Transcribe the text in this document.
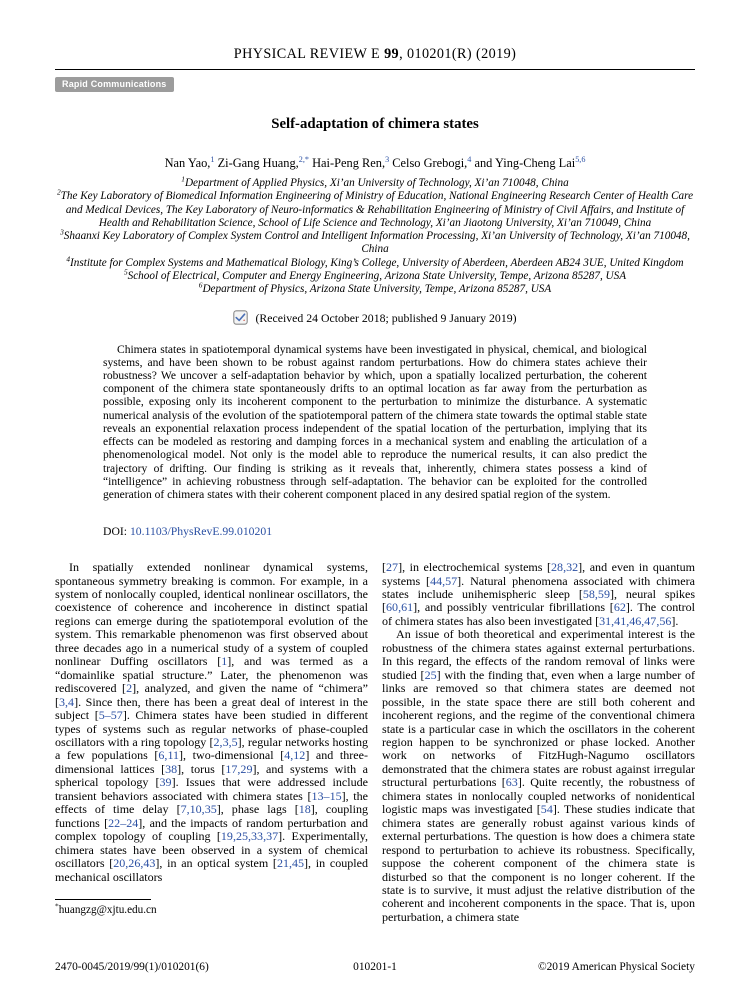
PHYSICAL REVIEW E 99, 010201(R) (2019)
Rapid Communications
Self-adaptation of chimera states
Nan Yao,$^1$ Zi-Gang Huang,$^{2,*}$ Hai-Peng Ren,$^3$ Celso Grebogi,$^4$ and Ying-Cheng Lai$^{5,6}$
$^1$Department of Applied Physics, Xi’an University of Technology, Xi’an 710048, China
$^2$The Key Laboratory of Biomedical Information Engineering of Ministry of Education, National Engineering Research Center of Health Care and Medical Devices, The Key Laboratory of Neuro-informatics & Rehabilitation Engineering of Ministry of Civil Affairs, and Institute of Health and Rehabilitation Science, School of Life Science and Technology, Xi’an Jiaotong University, Xi’an 710049, China
$^3$Shaanxi Key Laboratory of Complex System Control and Intelligent Information Processing, Xi’an University of Technology, Xi’an 710048, China
$^4$Institute for Complex Systems and Mathematical Biology, King’s College, University of Aberdeen, Aberdeen AB24 3UE, United Kingdom
$^5$School of Electrical, Computer and Energy Engineering, Arizona State University, Tempe, Arizona 85287, USA
$^6$Department of Physics, Arizona State University, Tempe, Arizona 85287, USA
(Received 24 October 2018; published 9 January 2019)
Chimera states in spatiotemporal dynamical systems have been investigated in physical, chemical, and biological systems, and have been shown to be robust against random perturbations. How do chimera states achieve their robustness? We uncover a self-adaptation behavior by which, upon a spatially localized perturbation, the coherent component of the chimera state spontaneously drifts to an optimal location as far away from the perturbation as possible, exposing only its incoherent component to the perturbation to minimize the disturbance. A systematic numerical analysis of the evolution of the spatiotemporal pattern of the chimera state towards the optimal stable state reveals an exponential relaxation process independent of the spatial location of the perturbation, implying that its effects can be modeled as restoring and damping forces in a mechanical system and enabling the articulation of a phenomenological model. Not only is the model able to reproduce the numerical results, it can also predict the trajectory of drifting. Our finding is striking as it reveals that, inherently, chimera states possess a kind of “intelligence” in achieving robustness through self-adaptation. The behavior can be exploited for the controlled generation of chimera states with their coherent component placed in any desired spatial region of the system.
DOI: 10.1103/PhysRevE.99.010201

In spatially extended nonlinear dynamical systems, spontaneous symmetry breaking is common. For example, in a system of nonlocally coupled, identical nonlinear oscillators, the coexistence of coherence and incoherence in distinct spatial regions can emerge during the spatiotemporal evolution of the system. This remarkable phenomenon was first observed about three decades ago in a numerical study of a system of coupled nonlinear Duffing oscillators [1], and was termed as a “domainlike spatial structure.” Later, the phenomenon was rediscovered [2], analyzed, and given the name of “chimera” [3,4]. Since then, there has been a great deal of interest in the subject [5–57]. Chimera states have been studied in different types of systems such as regular networks of phase-coupled oscillators with a ring topology [2,3,5], regular networks hosting a few populations [6,11], two-dimensional [4,12] and three-dimensional lattices [38], torus [17,29], and systems with a spherical topology [39]. Issues that were addressed include transient behaviors associated with chimera states [13–15], the effects of time delay [7,10,35], phase lags [18], coupling functions [22–24], and the impacts of random perturbation and complex topology of coupling [19,25,33,37]. Experimentally, chimera states have been observed in a system of chemical oscillators [20,26,43], in an optical system [21,45], in coupled mechanical oscillators

*huangzg@xjtu.edu.cn

[27], in electrochemical systems [28,32], and even in quantum systems [44,57]. Natural phenomena associated with chimera states include unihemispheric sleep [58,59], neural spikes [60,61], and possibly ventricular fibrillations [62]. The control of chimera states has also been investigated [31,41,46,47,56].

An issue of both theoretical and experimental interest is the robustness of the chimera states against external perturbations. In this regard, the effects of the random removal of links were studied [25] with the finding that, even when a large number of links are removed so that chimera states are deemed not possible, in the state space there are still both coherent and incoherent regions, and the regime of the conventional chimera state is a particular case in which the oscillators in the coherent region happen to be synchronized or phase locked. Another work on networks of FitzHugh-Nagumo oscillators demonstrated that the chimera states are robust against irregular structural perturbations [63]. Quite recently, the robustness of chimera states in nonlocally coupled networks of nonidentical logistic maps was investigated [54]. These studies indicate that chimera states are generally robust against various kinds of external perturbations. The question is how does a chimera state respond to perturbation to achieve its robustness. Specifically, suppose the coherent component of the chimera state is disturbed so that the component is no longer coherent. If the state is to survive, it must adjust the relative distribution of the coherent and incoherent components in the space. That is, upon perturbation, a chimera state

2470-0045/2019/99(1)/010201(6)	010201-1	©2019 American Physical Society
